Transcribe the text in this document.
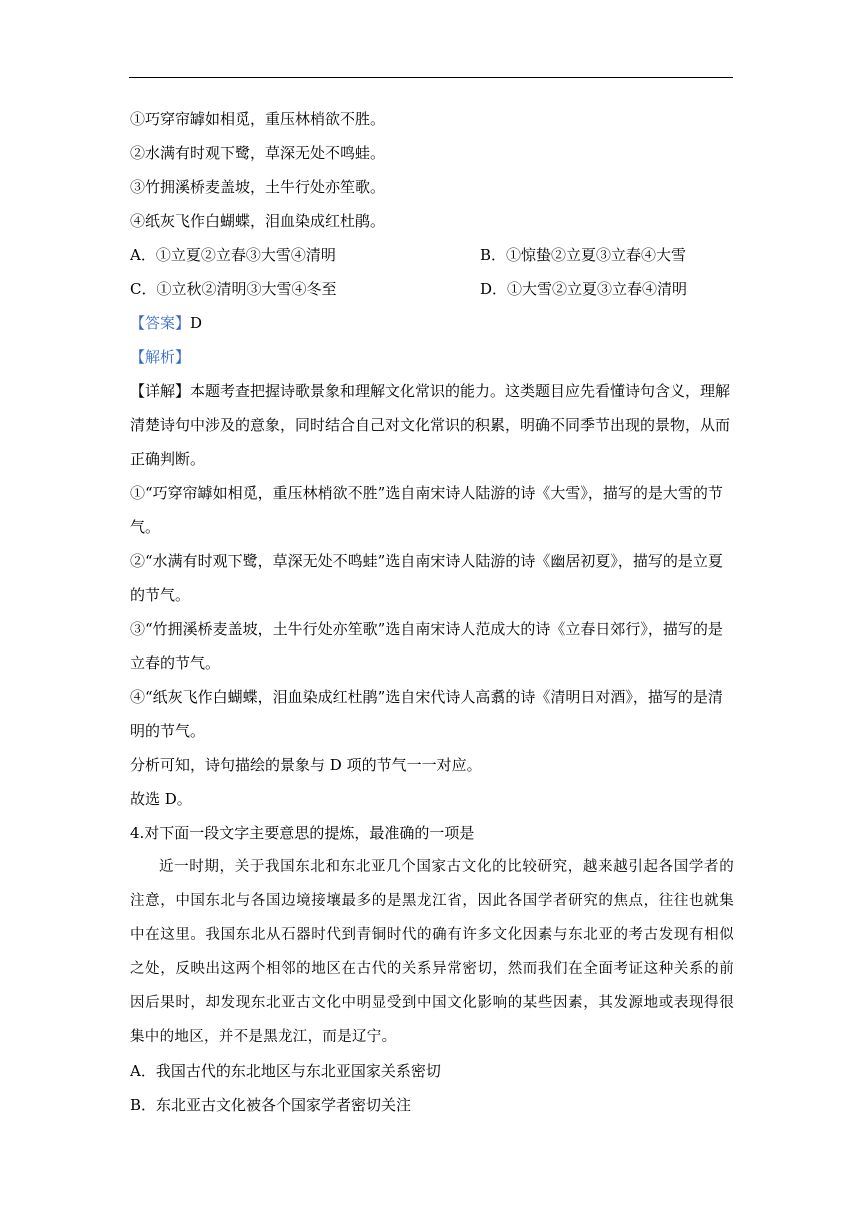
①巧穿帘罅如相觅，重压林梢欲不胜。
②水满有时观下鹭，草深无处不鸣蛙。
③竹拥溪桥麦盖坡，土牛行处亦笙歌。
④纸灰飞作白蝴蝶，泪血染成红杜鹃。
A．①立夏②立春③大雪④清明	B．①惊蛰②立夏③立春④大雪
C．①立秋②清明③大雪④冬至	D．①大雪②立夏③立春④清明
【答案】D
【解析】
【详解】本题考查把握诗歌景象和理解文化常识的能力。这类题目应先看懂诗句含义，理解清楚诗句中涉及的意象，同时结合自己对文化常识的积累，明确不同季节出现的景物，从而正确判断。
①“巧穿帘罅如相觅，重压林梢欲不胜”选自南宋诗人陆游的诗《大雪》，描写的是大雪的节气。
②“水满有时观下鹭，草深无处不鸣蛙”选自南宋诗人陆游的诗《幽居初夏》，描写的是立夏的节气。
③“竹拥溪桥麦盖坡，土牛行处亦笙歌”选自南宋诗人范成大的诗《立春日郊行》，描写的是立春的节气。
④“纸灰飞作白蝴蝶，泪血染成红杜鹃”选自宋代诗人高翥的诗《清明日对酒》，描写的是清明的节气。
分析可知，诗句描绘的景象与 D 项的节气一一对应。
故选 D。
4.对下面一段文字主要意思的提炼，最准确的一项是
近一时期，关于我国东北和东北亚几个国家古文化的比较研究，越来越引起各国学者的注意，中国东北与各国边境接壤最多的是黑龙江省，因此各国学者研究的焦点，往往也就集中在这里。我国东北从石器时代到青铜时代的确有许多文化因素与东北亚的考古发现有相似之处，反映出这两个相邻的地区在古代的关系异常密切，然而我们在全面考证这种关系的前因后果时，却发现东北亚古文化中明显受到中国文化影响的某些因素，其发源地或表现得很集中的地区，并不是黑龙江，而是辽宁。
A．我国古代的东北地区与东北亚国家关系密切
B．东北亚古文化被各个国家学者密切关注
